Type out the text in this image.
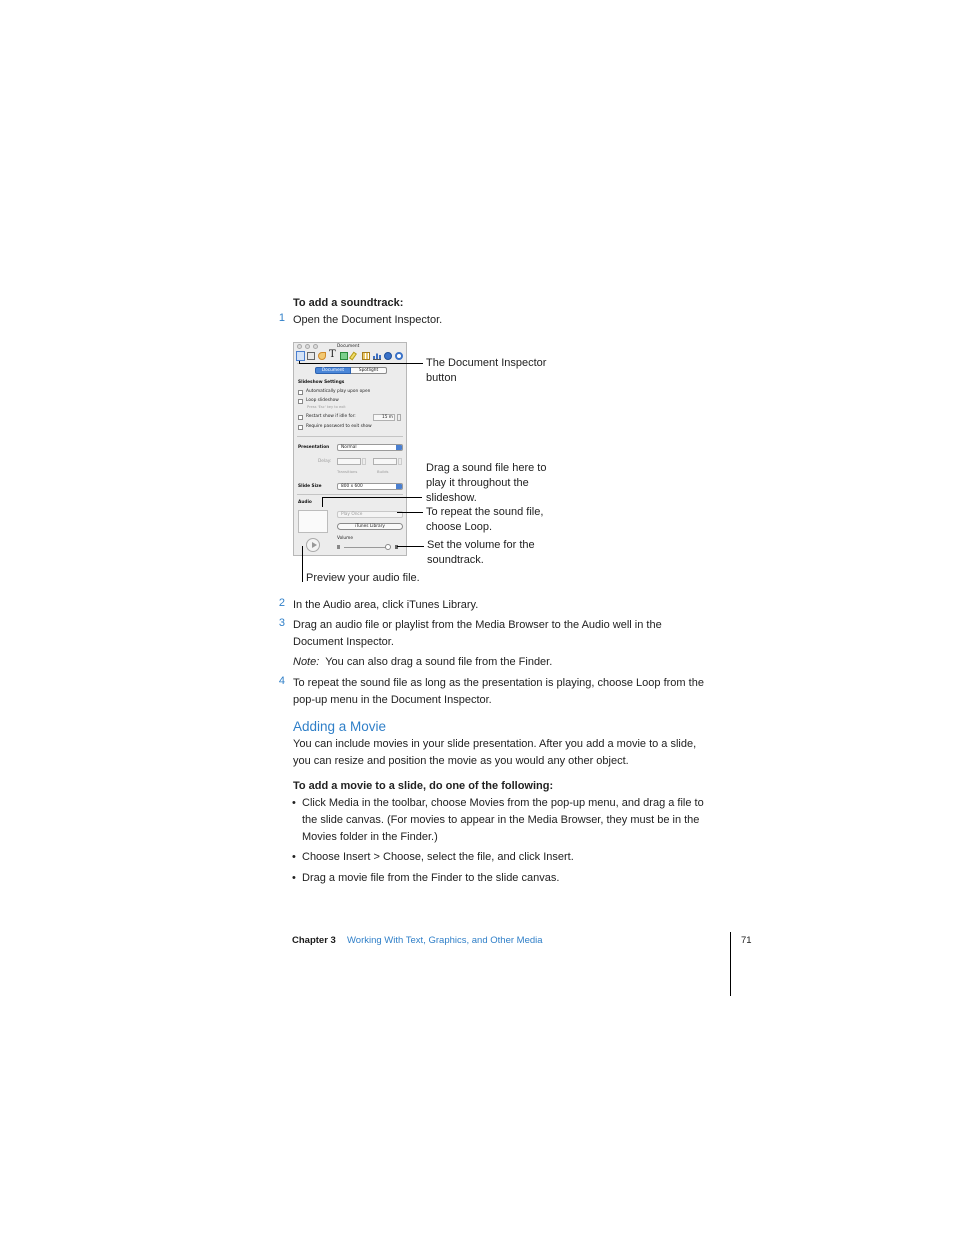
To add a soundtrack:
1 Open the Document Inspector.
Document
T
Document	Spotlight
Slideshow Settings
Automatically play upon open
Loop slideshow
Press 'Esc' key to exit
Restart show if idle for:	15 m
Require password to exit show
Presentation	Normal
Delay:
Transitions	Builds
Slide Size	800 x 600
Audio
Play Once
iTunes Library
Volume
The Document Inspector
button
Drag a sound file here to
play it throughout the
slideshow.
To repeat the sound file,
choose Loop.
Set the volume for the
soundtrack.
Preview your audio file.
2 In the Audio area, click iTunes Library.
3 Drag an audio file or playlist from the Media Browser to the Audio well in the
Document Inspector.
Note: You can also drag a sound file from the Finder.
4 To repeat the sound file as long as the presentation is playing, choose Loop from the
pop-up menu in the Document Inspector.
Adding a Movie
You can include movies in your slide presentation. After you add a movie to a slide,
you can resize and position the movie as you would any other object.
To add a movie to a slide, do one of the following:
• Click Media in the toolbar, choose Movies from the pop-up menu, and drag a file to
the slide canvas. (For movies to appear in the Media Browser, they must be in the
Movies folder in the Finder.)
• Choose Insert > Choose, select the file, and click Insert.
• Drag a movie file from the Finder to the slide canvas.
Chapter 3 Working With Text, Graphics, and Other Media	71
